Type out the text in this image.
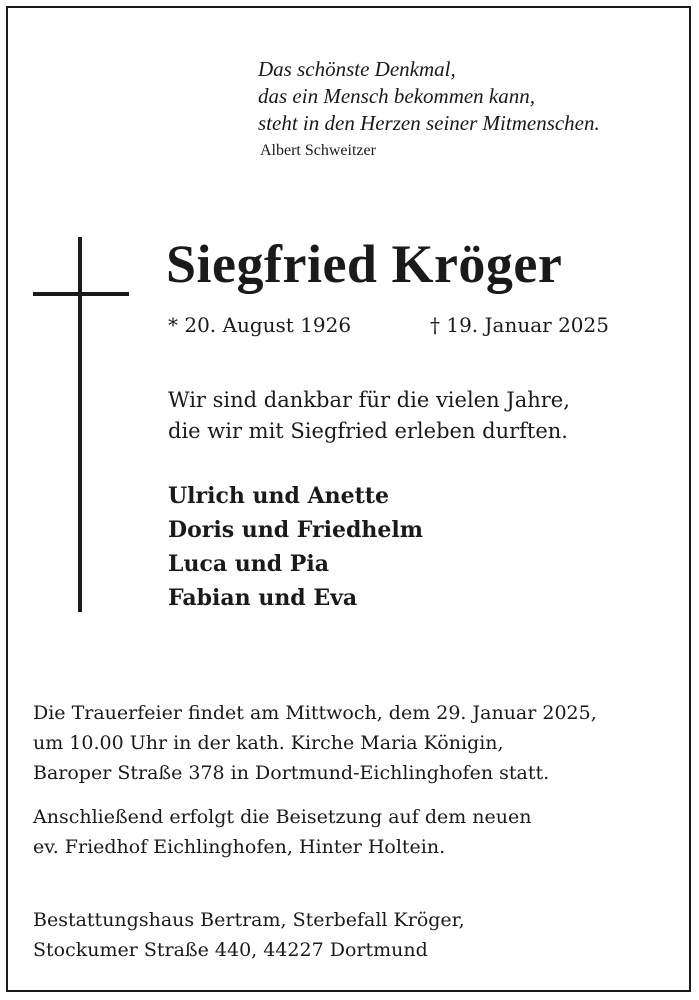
Das schönste Denkmal,
das ein Mensch bekommen kann,
steht in den Herzen seiner Mitmenschen.
Albert Schweitzer
Siegfried Kröger
* 20. August 1926	† 19. Januar 2025
Wir sind dankbar für die vielen Jahre,
die wir mit Siegfried erleben durften.
Ulrich und Anette
Doris und Friedhelm
Luca und Pia
Fabian und Eva
Die Trauerfeier findet am Mittwoch, dem 29. Januar 2025,
um 10.00 Uhr in der kath. Kirche Maria Königin,
Baroper Straße 378 in Dortmund-Eichlinghofen statt.
Anschließend erfolgt die Beisetzung auf dem neuen
ev. Friedhof Eichlinghofen, Hinter Holtein.
Bestattungshaus Bertram, Sterbefall Kröger,
Stockumer Straße 440, 44227 Dortmund
